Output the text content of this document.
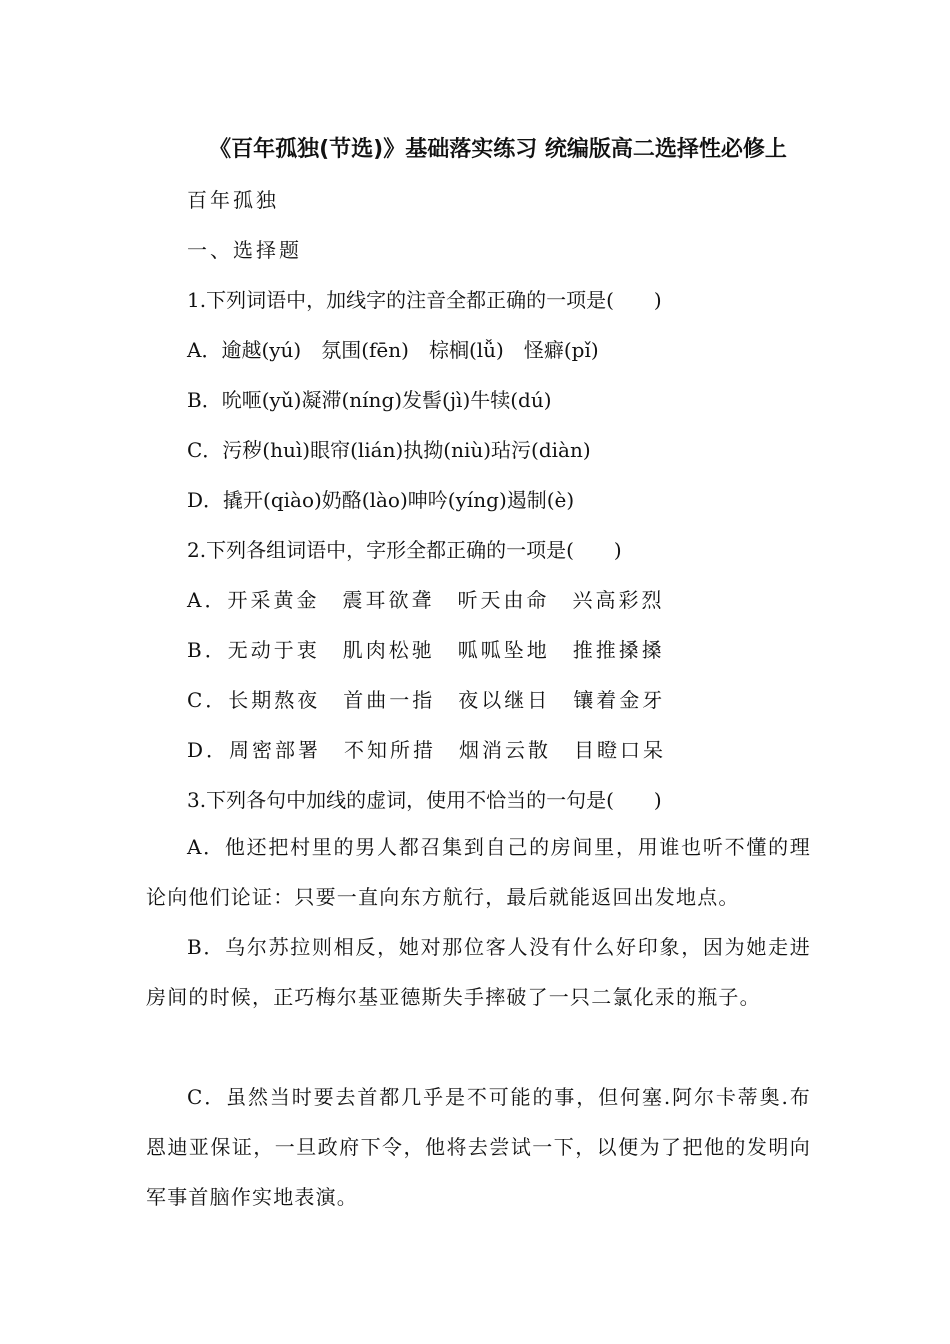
《百年孤独(节选)》基础落实练习 统编版高二选择性必修上
百年孤独
一、选择题
1.下列词语中，加线字的注音全都正确的一项是(　　)
A．逾越(yú)　氛围(fēn)　棕榈(lǚ)　怪癖(pǐ)
B．吮咂(yǔ)凝滞(níng)发髻(jì)牛犊(dú)
C．污秽(huì)眼帘(lián)执拗(niù)玷污(diàn)
D．撬开(qiào)奶酪(lào)呻吟(yíng)遏制(è)
2.下列各组词语中，字形全都正确的一项是(　　)
A．开采黄金　震耳欲聋　听天由命　兴高彩烈
B．无动于衷　肌肉松驰　呱呱坠地　推推搡搡
C．长期熬夜　首曲一指　夜以继日　镶着金牙
D．周密部署　不知所措　烟消云散　目瞪口呆
3.下列各句中加线的虚词，使用不恰当的一句是(　　)
A．他还把村里的男人都召集到自己的房间里，用谁也听不懂的理论向他们论证：只要一直向东方航行，最后就能返回出发地点。
B．乌尔苏拉则相反，她对那位客人没有什么好印象，因为她走进房间的时候，正巧梅尔基亚德斯失手摔破了一只二氯化汞的瓶子。
C．虽然当时要去首都几乎是不可能的事，但何塞.阿尔卡蒂奥.布恩迪亚保证，一旦政府下令，他将去尝试一下，以便为了把他的发明向军事首脑作实地表演。
